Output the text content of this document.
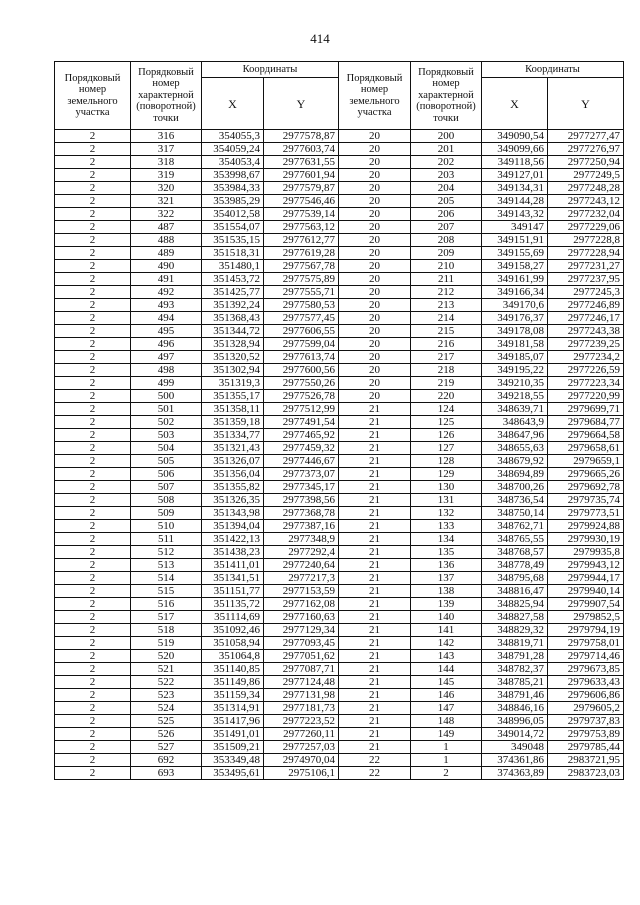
414
Порядковый номер земельного участка	Порядковый номер характерной (поворотной) точки	Координаты		Порядковый номер земельного участка	Порядковый номер характерной (поворотной) точки	Координаты	
		X	Y			X	Y
2	316	354055,3	2977578,87	20	200	349090,54	2977277,47
2	317	354059,24	2977603,74	20	201	349099,66	2977276,97
2	318	354053,4	2977631,55	20	202	349118,56	2977250,94
2	319	353998,67	2977601,94	20	203	349127,01	2977249,5
2	320	353984,33	2977579,87	20	204	349134,31	2977248,28
2	321	353985,29	2977546,46	20	205	349144,28	2977243,12
2	322	354012,58	2977539,14	20	206	349143,32	2977232,04
2	487	351554,07	2977563,12	20	207	349147	2977229,06
2	488	351535,15	2977612,77	20	208	349151,91	2977228,8
2	489	351518,31	2977619,28	20	209	349155,69	2977228,94
2	490	351480,1	2977567,78	20	210	349158,27	2977231,27
2	491	351453,72	2977575,89	20	211	349161,99	2977237,95
2	492	351425,77	2977555,71	20	212	349166,34	2977245,3
2	493	351392,24	2977580,53	20	213	349170,6	2977246,89
2	494	351368,43	2977577,45	20	214	349176,37	2977246,17
2	495	351344,72	2977606,55	20	215	349178,08	2977243,38
2	496	351328,94	2977599,04	20	216	349181,58	2977239,25
2	497	351320,52	2977613,74	20	217	349185,07	2977234,2
2	498	351302,94	2977600,56	20	218	349195,22	2977226,59
2	499	351319,3	2977550,26	20	219	349210,35	2977223,34
2	500	351355,17	2977526,78	20	220	349218,55	2977220,99
2	501	351358,11	2977512,99	21	124	348639,71	2979699,71
2	502	351359,18	2977491,54	21	125	348643,9	2979684,77
2	503	351334,77	2977465,92	21	126	348647,96	2979664,58
2	504	351321,43	2977459,32	21	127	348655,63	2979658,61
2	505	351326,07	2977446,67	21	128	348679,92	2979659,1
2	506	351356,04	2977373,07	21	129	348694,89	2979665,26
2	507	351355,82	2977345,17	21	130	348700,26	2979692,78
2	508	351326,35	2977398,56	21	131	348736,54	2979735,74
2	509	351343,98	2977368,78	21	132	348750,14	2979773,51
2	510	351394,04	2977387,16	21	133	348762,71	2979924,88
2	511	351422,13	2977348,9	21	134	348765,55	2979930,19
2	512	351438,23	2977292,4	21	135	348768,57	2979935,8
2	513	351411,01	2977240,64	21	136	348778,49	2979943,12
2	514	351341,51	2977217,3	21	137	348795,68	2979944,17
2	515	351151,77	2977153,59	21	138	348816,47	2979940,14
2	516	351135,72	2977162,08	21	139	348825,94	2979907,54
2	517	351114,69	2977160,63	21	140	348827,58	2979852,5
2	518	351092,46	2977129,34	21	141	348829,32	2979794,19
2	519	351058,94	2977093,45	21	142	348819,71	2979758,01
2	520	351064,8	2977051,62	21	143	348791,28	2979714,46
2	521	351140,85	2977087,71	21	144	348782,37	2979673,85
2	522	351149,86	2977124,48	21	145	348785,21	2979633,43
2	523	351159,34	2977131,98	21	146	348791,46	2979606,86
2	524	351314,91	2977181,73	21	147	348846,16	2979605,2
2	525	351417,96	2977223,52	21	148	348996,05	2979737,83
2	526	351491,01	2977260,11	21	149	349014,72	2979753,89
2	527	351509,21	2977257,03	21	1	349048	2979785,44
2	692	353349,48	2974970,04	22	1	374361,86	2983721,95
2	693	353495,61	2975106,1	22	2	374363,89	2983723,03
